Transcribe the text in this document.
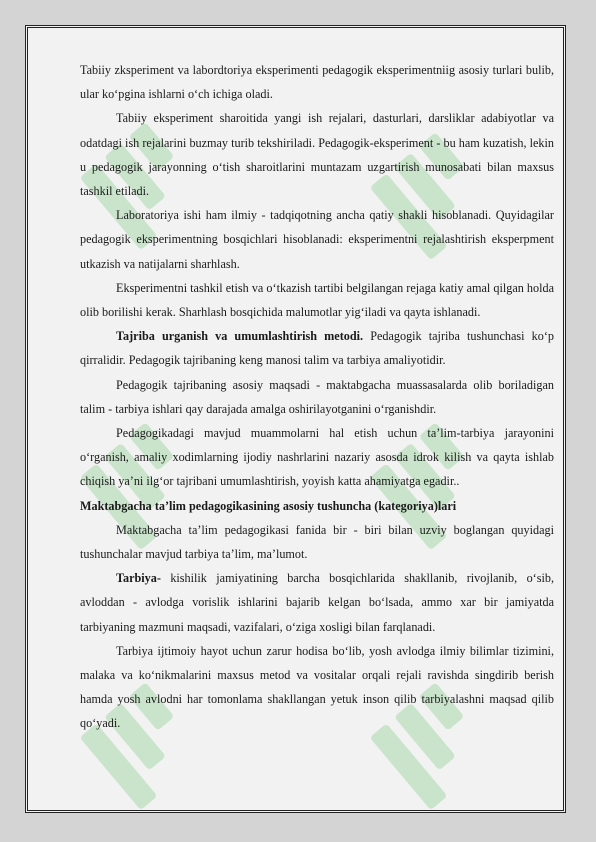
Tabiiy zksperiment va labordtoriya eksperimenti pedagogik eksperimentniig asosiy turlari bulib, ular ko‘pgina ishlarni o‘ch ichiga oladi.

Tabiiy eksperiment sharoitida yangi ish rejalari, dasturlari, darsliklar adabiyotlar va odatdagi ish rejalarini buzmay turib tekshiriladi. Pedagogik-eksperiment - bu ham kuzatish, lekin u pedagogik jarayonning o‘tish sharoitlarini muntazam uzgartirish munosabati bilan maxsus tashkil etiladi.

Laboratoriya ishi ham ilmiy - tadqiqotning ancha qatiy shakli hisoblanadi. Quyidagilar pedagogik eksperimentning bosqichlari hisoblanadi: eksperimentni rejalashtirish eksperpment utkazish va natijalarni sharhlash.

Eksperimentni tashkil etish va o‘tkazish tartibi belgilangan rejaga katiy amal qilgan holda olib borilishi kerak. Sharhlash bosqichida malumotlar yig‘iladi va qayta ishlanadi.

Tajriba urganish va umumlashtirish metodi. Pedagogik tajriba tushunchasi ko‘p qirralidir. Pedagogik tajribaning keng manosi talim va tarbiya amaliyotidir.

Pedagogik tajribaning asosiy maqsadi - maktabgacha muassasalarda olib boriladigan talim - tarbiya ishlari qay darajada amalga oshirilayotganini o‘rganishdir.

Pedagogikadagi mavjud muammolarni hal etish uchun ta’lim-tarbiya jarayonini o‘rganish, amaliy xodimlarning ijodiy nashrlarini nazariy asosda idrok kilish va qayta ishlab chiqish ya’ni ilg‘or tajribani umumlashtirish, yoyish katta ahamiyatga egadir..

Maktabgacha ta’lim pedagogikasining asosiy tushuncha (kategoriya)lari

Maktabgacha ta’lim pedagogikasi fanida bir - biri bilan uzviy boglangan quyidagi tushunchalar mavjud tarbiya ta’lim, ma’lumot.

Tarbiya- kishilik jamiyatining barcha bosqichlarida shakllanib, rivojlanib, o‘sib, avloddan - avlodga vorislik ishlarini bajarib kelgan bo‘lsada, ammo xar bir jamiyatda tarbiyaning mazmuni maqsadi, vazifalari, o‘ziga xosligi bilan farqlanadi.

Tarbiya ijtimoiy hayot uchun zarur hodisa bo‘lib, yosh avlodga ilmiy bilimlar tizimini, malaka va ko‘nikmalarini maxsus metod va vositalar orqali rejali ravishda singdirib berish hamda yosh avlodni har tomonlama shakllangan yetuk inson qilib tarbiyalashni maqsad qilib qo‘yadi.
